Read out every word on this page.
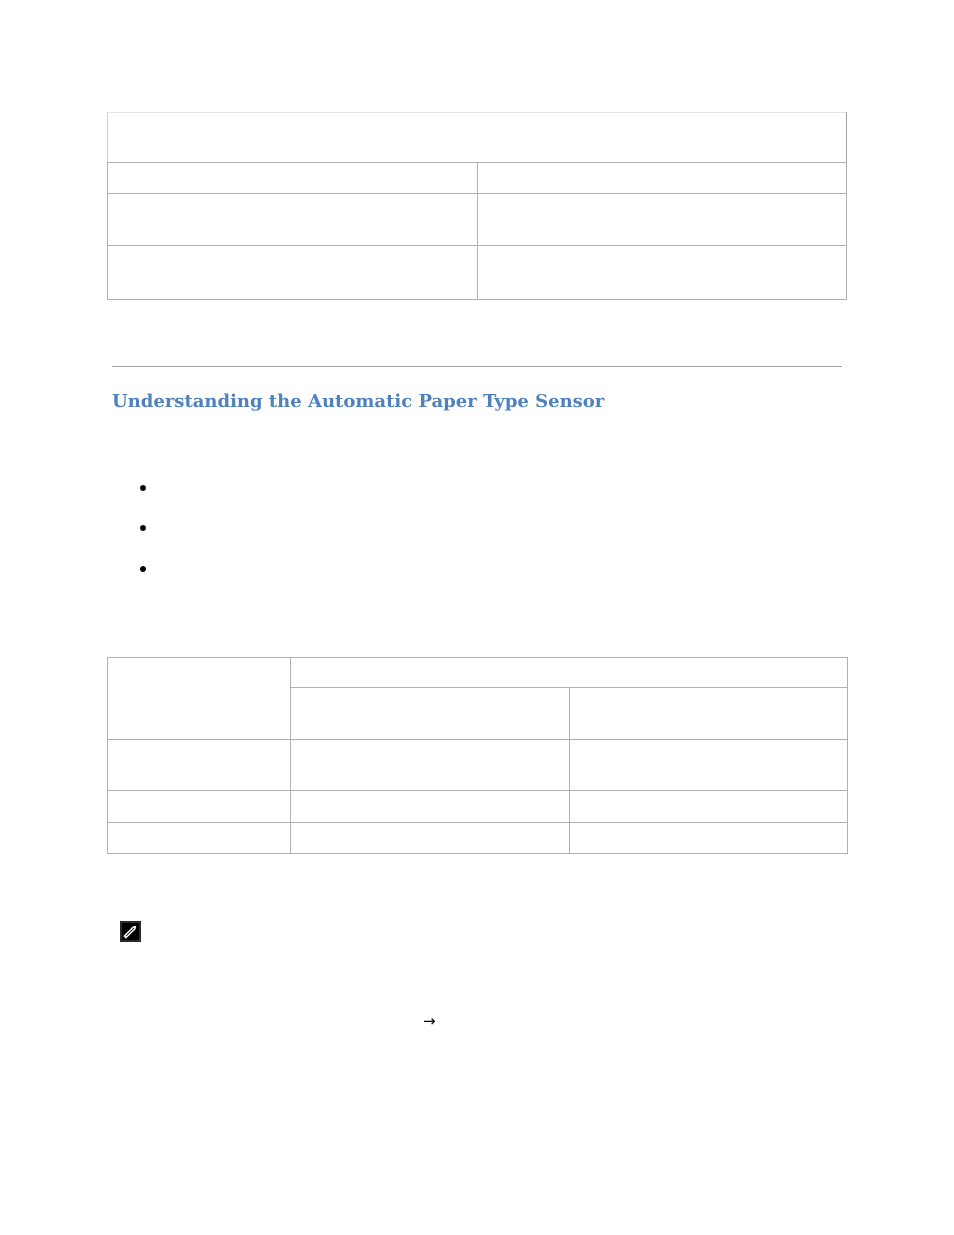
Understanding the Automatic Paper Type Sensor

→
